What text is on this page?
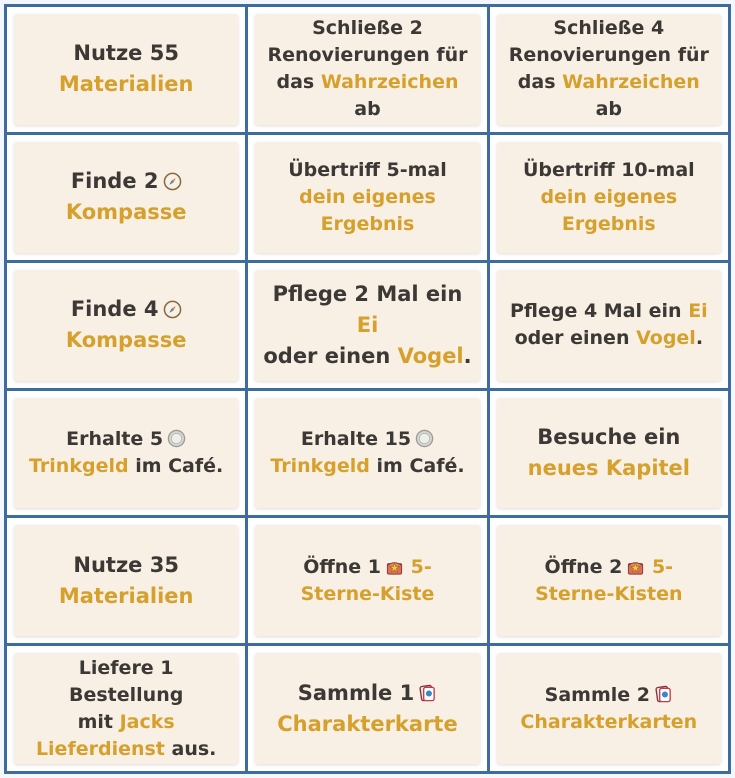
Nutze 55
Materialien
Schließe 2
Renovierungen für
das Wahrzeichen ab
Schließe 4
Renovierungen für
das Wahrzeichen ab
Finde 2
Kompasse
Übertriff 5-mal
dein eigenes
Ergebnis
Übertriff 10-mal
dein eigenes
Ergebnis
Finde 4
Kompasse
Pflege 2 Mal ein Ei
oder einen Vogel.
Pflege 4 Mal ein Ei
oder einen Vogel.
Erhalte 5
Trinkgeld im Café.
Erhalte 15
Trinkgeld im Café.
Besuche ein
neues Kapitel
Nutze 35
Materialien
Öffne 1
5-
Sterne-Kiste
Öffne 2
5-
Sterne-Kisten
Liefere 1 Bestellung
mit Jacks
Lieferdienst aus.
Sammle 1
Charakterkarte
Sammle 2
Charakterkarten
